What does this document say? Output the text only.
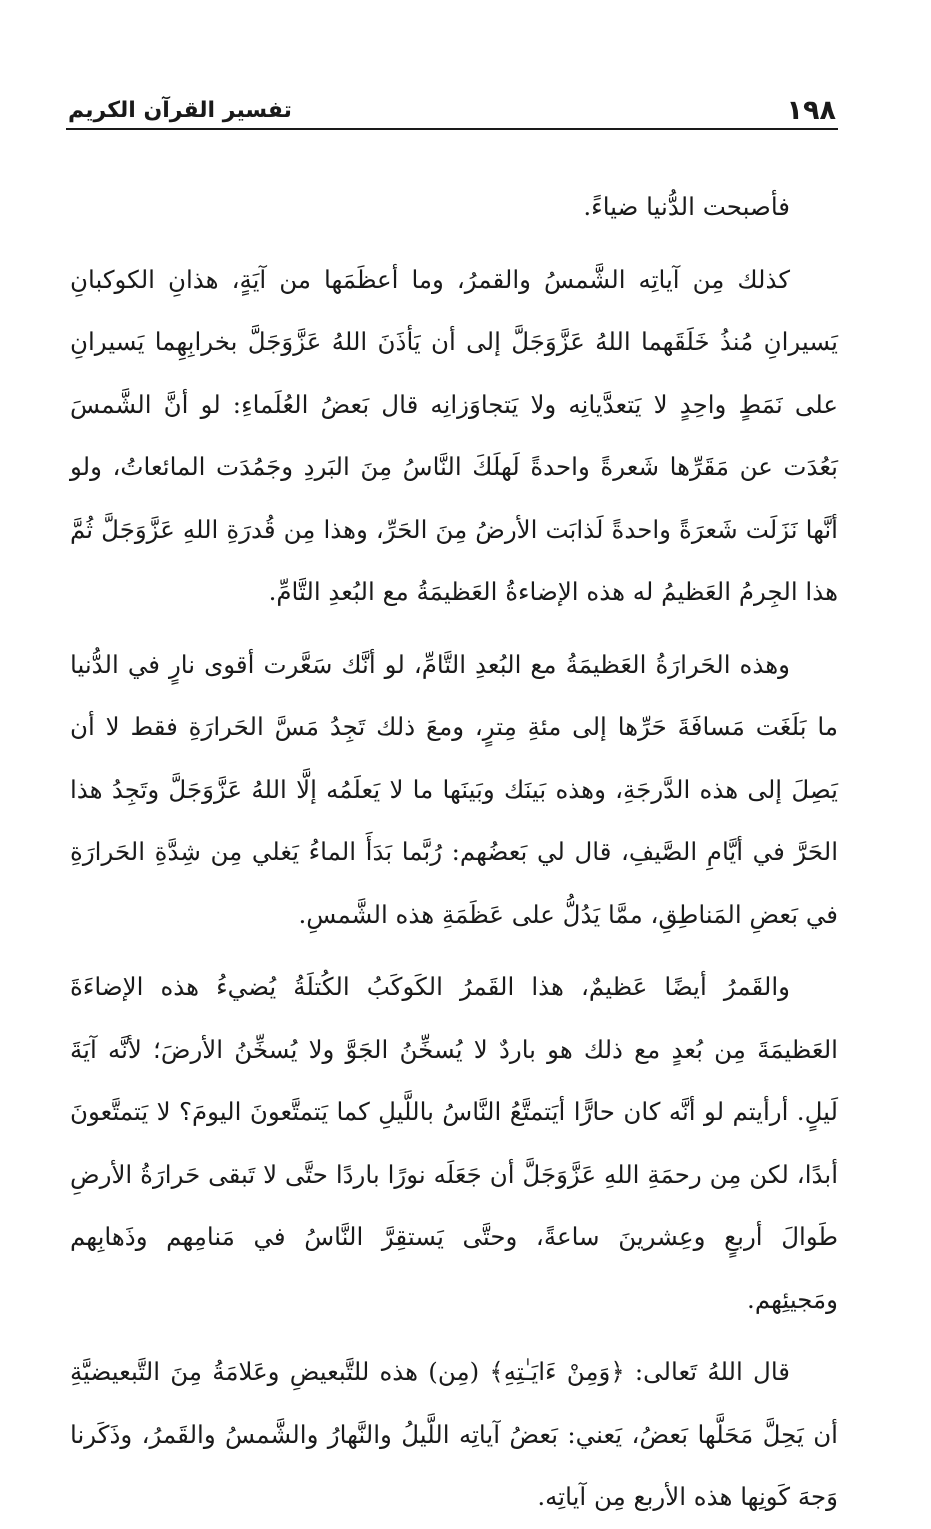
١٩٨
تفسير القرآن الكريم

فأصبحت الدُّنيا ضياءً.

كذلك مِن آياتِه الشَّمسُ والقمرُ، وما أعظَمَها من آيَةٍ، هذانِ الكوكبانِ يَسيرانِ مُنذُ خَلَقَهما اللهُ عَزَّوَجَلَّ إلى أن يَأذَنَ اللهُ عَزَّوَجَلَّ بخرابِهِما يَسيرانِ على نَمَطٍ واحِدٍ لا يَتعدَّيانِه ولا يَتجاوَزانِه قال بَعضُ العُلَماءِ: لو أنَّ الشَّمسَ بَعُدَت عن مَقَرِّها شَعرةً واحدةً لَهلَكَ النَّاسُ مِنَ البَردِ وجَمُدَت المائعاتُ، ولو أنَّها نَزَلَت شَعرَةً واحدةً لَذابَت الأرضُ مِنَ الحَرِّ، وهذا مِن قُدرَةِ اللهِ عَزَّوَجَلَّ ثُمَّ هذا الجِرمُ العَظيمُ له هذه الإضاءةُ العَظيمَةُ مع البُعدِ التَّامِّ.

وهذه الحَرارَةُ العَظيمَةُ مع البُعدِ التَّامِّ، لو أنَّك سَعَّرت أقوى نارٍ في الدُّنيا ما بَلَغَت مَسافَةَ حَرِّها إلى مئةِ مِترٍ، ومعَ ذلك تَجِدُ مَسَّ الحَرارَةِ فقط لا أن يَصِلَ إلى هذه الدَّرجَةِ، وهذه بَينَك وبَينَها ما لا يَعلَمُه إلَّا اللهُ عَزَّوَجَلَّ وتَجِدُ هذا الحَرَّ في أيَّامِ الصَّيفِ، قال لي بَعضُهم: رُبَّما بَدَأَ الماءُ يَغلي مِن شِدَّةِ الحَرارَةِ في بَعضِ المَناطِقِ، ممَّا يَدُلُّ على عَظَمَةِ هذه الشَّمسِ.

والقَمرُ أيضًا عَظيمٌ، هذا القَمرُ الكَوكَبُ الكُتلَةُ يُضيءُ هذه الإضاءَةَ العَظيمَةَ مِن بُعدٍ مع ذلك هو باردٌ لا يُسخِّنُ الجَوَّ ولا يُسخِّنُ الأرضَ؛ لأنَّه آيَةَ لَيلٍ. أرأيتم لو أنَّه كان حارًّا أيَتمتَّعُ النَّاسُ باللَّيلِ كما يَتمتَّعونَ اليومَ؟ لا يَتمتَّعونَ أبدًا، لكن مِن رحمَةِ اللهِ عَزَّوَجَلَّ أن جَعَلَه نورًا باردًا حتَّى لا تَبقى حَرارَةُ الأرضِ طَوالَ أربعٍ وعِشرينَ ساعةً، وحتَّى يَستقِرَّ النَّاسُ في مَنامِهم وذَهابِهم ومَجيئِهم.

قال اللهُ تَعالى: ﴿وَمِنْ ءَايَـٰتِهِ﴾ (مِن) هذه للتَّبعيضِ وعَلامَةُ مِنَ التَّبعيضيَّةِ أن يَحِلَّ مَحَلَّها بَعضُ، يَعني: بَعضُ آياتِه اللَّيلُ والنَّهارُ والشَّمسُ والقَمرُ، وذَكَرنا وَجهَ كَونِها هذه الأربع مِن آياتِه.
